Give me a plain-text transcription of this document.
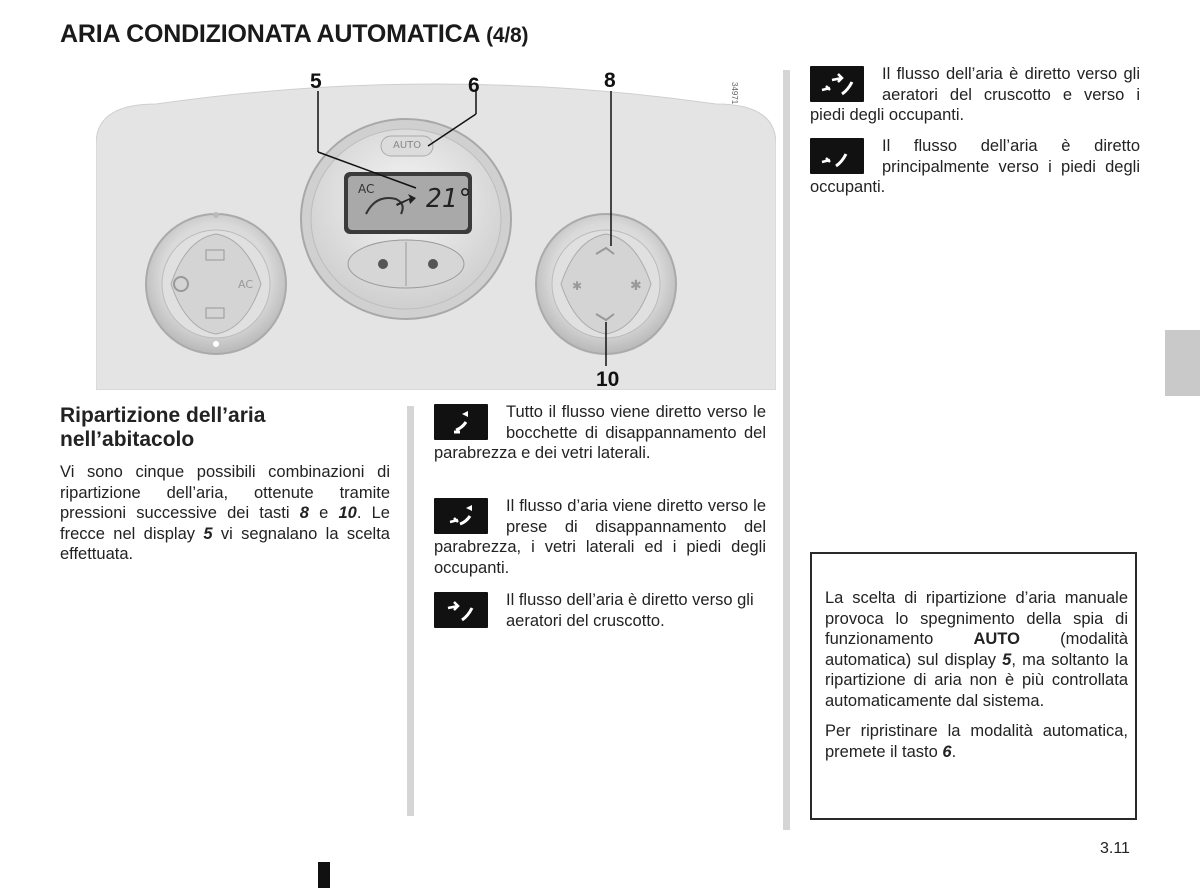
ARIA CONDIZIONATA AUTOMATICA (4/8)
✱	✱
AC 21°
AUTO
AC
5	6	8
10
34971
Ripartizione dell’aria nell’abitacolo
Vi sono cinque possibili combinazioni di ripartizione dell’aria, ottenute tramite pressioni successive dei tasti 8 e 10. Le frecce nel display 5 vi segnalano la scelta effettuata.
Tutto il flusso viene diretto verso le bocchette di disappannamento del parabrezza e dei vetri laterali.
Il flusso d’aria viene diretto verso le prese di disappannamento del parabrezza, i vetri laterali ed i piedi degli occupanti.
Il flusso dell’aria è diretto verso gli aeratori del cruscotto.
Il flusso dell’aria è diretto verso gli aeratori del cruscotto e verso i piedi degli occupanti.
Il flusso dell’aria è diretto principalmente verso i piedi degli occupanti.

La scelta di ripartizione d’aria manuale provoca lo spegnimento della spia di funzionamento AUTO (modalità automatica) sul display 5, ma soltanto la ripartizione di aria non è più controllata automaticamente dal sistema.

Per ripristinare la modalità automatica, premete il tasto 6.

3.11
